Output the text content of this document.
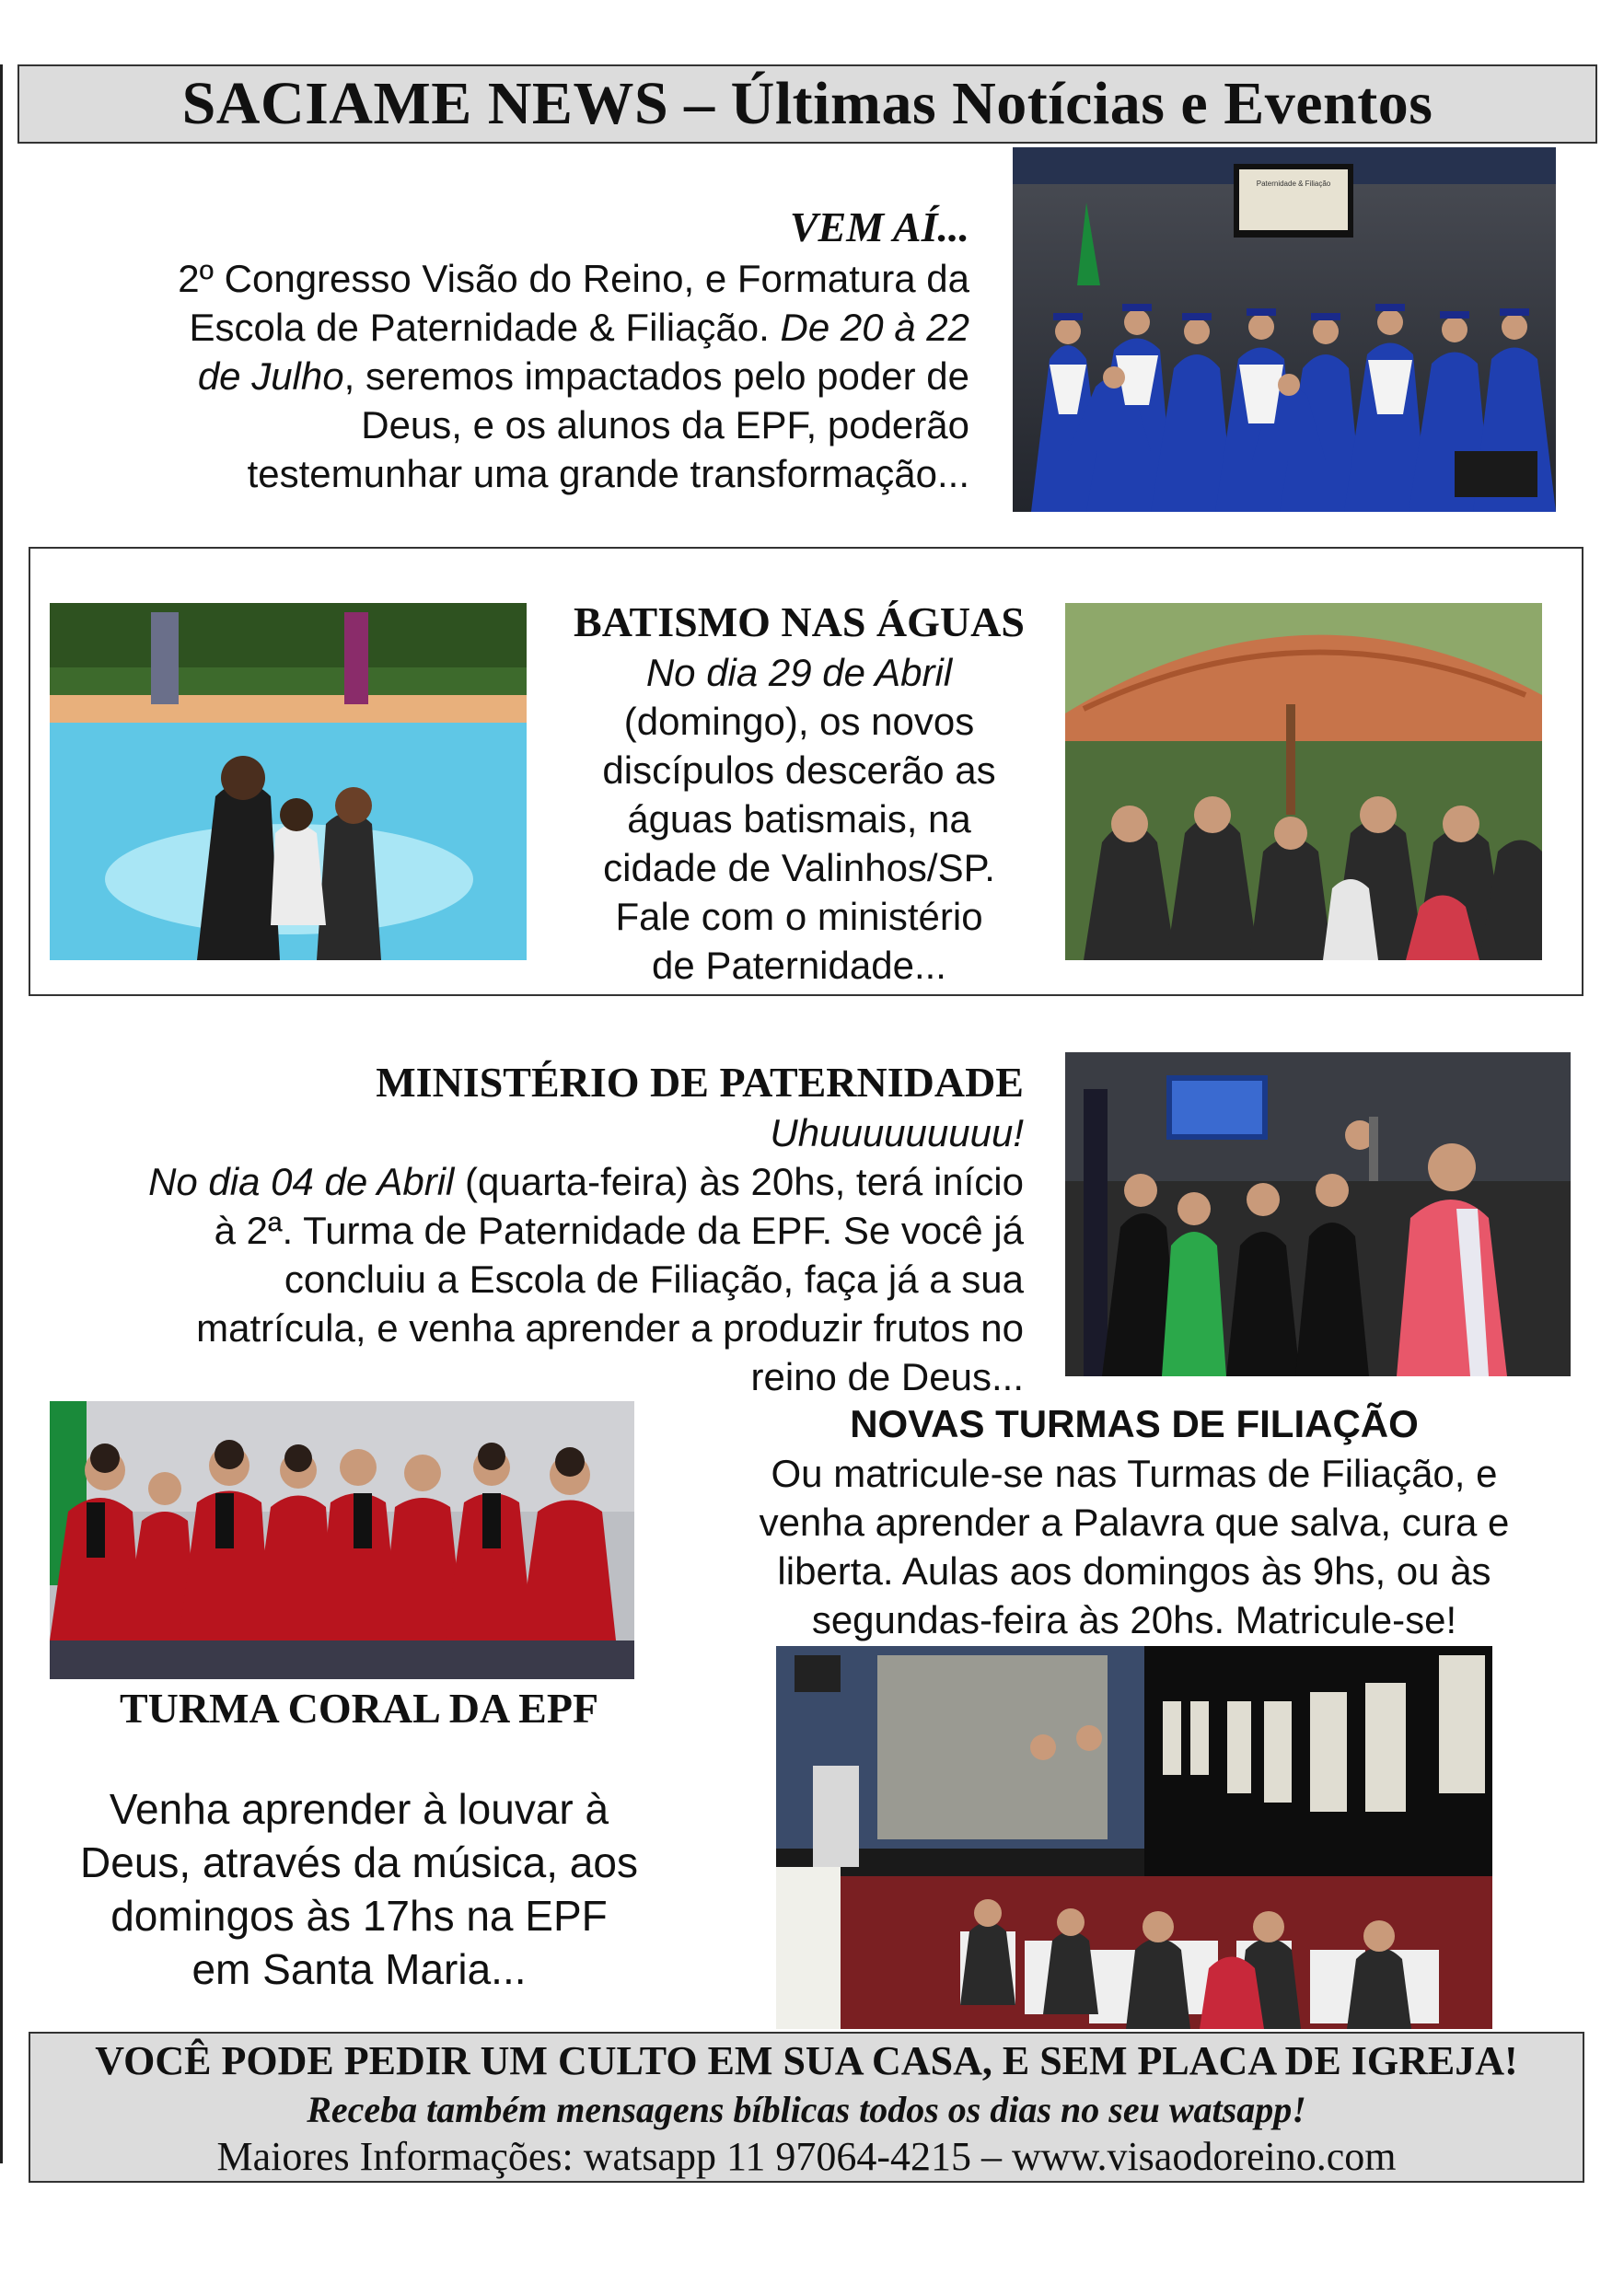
SACIAME NEWS – Últimas Notícias e Eventos
VEM AÍ...

2º Congresso Visão do Reino, e Formatura da

Escola de Paternidade & Filiação. De 20 à 22

de Julho, seremos impactados pelo poder de

Deus, e os alunos da EPF, poderão

testemunhar uma grande transformação...

Paternidade & Filiação
BATISMO NAS ÁGUAS

No dia 29 de Abril

(domingo), os novos

discípulos descerão as

águas batismais, na

cidade de Valinhos/SP.

Fale com o ministério

de Paternidade...

MINISTÉRIO DE PATERNIDADE

Uhuuuuuuuuu!

No dia 04 de Abril (quarta-feira) às 20hs, terá início

à 2ª. Turma de Paternidade da EPF. Se você já

concluiu a Escola de Filiação, faça já a sua

matrícula, e venha aprender a produzir frutos no

reino de Deus...

NOVAS TURMAS DE FILIAÇÃO

Ou matricule-se nas Turmas de Filiação, e

venha aprender a Palavra que salva, cura e

liberta. Aulas aos domingos às 9hs, ou às

segundas-feira às 20hs. Matricule-se!

TURMA CORAL DA EPF

Venha aprender à louvar à

Deus, através da música, aos

domingos às 17hs na EPF

em Santa Maria...

VOCÊ PODE PEDIR UM CULTO EM SUA CASA, E SEM PLACA DE IGREJA!
Receba também mensagens bíblicas todos os dias no seu watsapp!
Maiores Informações: watsapp 11 97064-4215 – www.visaodoreino.com
